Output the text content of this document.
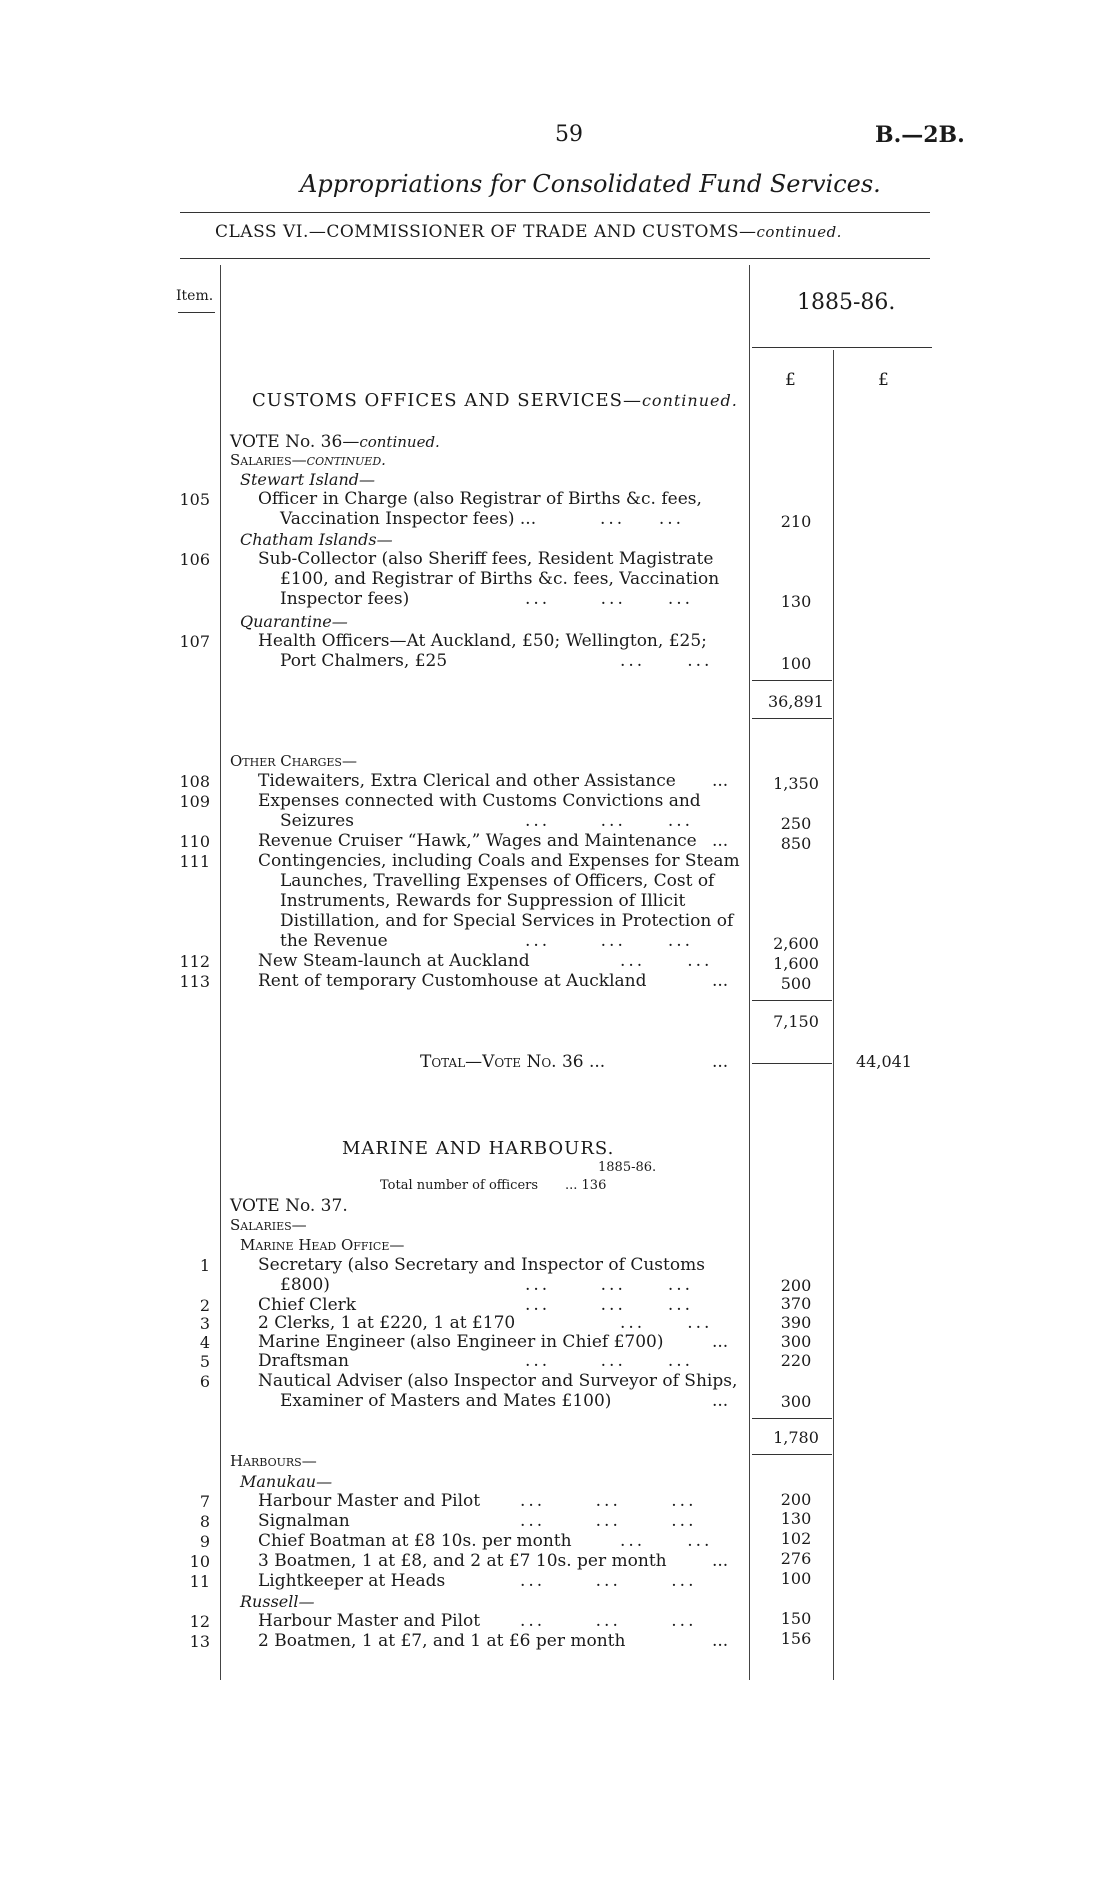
59	B.—2B.
Appropriations for Consolidated Fund Services.
CLASS VI.—COMMISSIONER OF TRADE AND CUSTOMS—continued.
Item.	1885-86.
£	£
CUSTOMS OFFICES AND SERVICES—continued.
VOTE No. 36—continued.
Salaries—continued.
Stewart Island—
105	Officer in Charge (also Registrar of Births &c. fees,
Vaccination Inspector fees) ...	...    ...	210
Chatham Islands—
106	Sub-Collector (also Sheriff fees, Resident Magistrate
£100, and Registrar of Births &c. fees, Vaccination
Inspector fees)	...      ...     ...	130
Quarantine—
107	Health Officers—At Auckland, £50; Wellington, £25;
Port Chalmers, £25	...     ...	100
36,891
Other Charges—
108	Tidewaiters, Extra Clerical and other Assistance ...	1,350
109	Expenses connected with Customs Convictions and
Seizures	...      ...     ...	250
110	Revenue Cruiser “Hawk,” Wages and Maintenance ...	850
111	Contingencies, including Coals and Expenses for Steam
Launches, Travelling Expenses of Officers, Cost of
Instruments, Rewards for Suppression of Illicit
Distillation, and for Special Services in Protection of
the Revenue	...      ...     ...	2,600
112	New Steam-launch at Auckland	...     ...	1,600
113	Rent of temporary Customhouse at Auckland	...	500
7,150
Total—Vote No. 36 ...	...	44,041
MARINE AND HARBOURS.
1885-86.
Total number of officers ... 136
VOTE No. 37.
Salaries—
Marine Head Office—
1	Secretary (also Secretary and Inspector of Customs
£800)	...      ...     ...	200
2	Chief Clerk	...      ...     ...	370
3	2 Clerks, 1 at £220, 1 at £170	...     ...	390
4	Marine Engineer (also Engineer in Chief £700)	...	300
5	Draftsman	...      ...     ...	220
6	Nautical Adviser (also Inspector and Surveyor of Ships,
Examiner of Masters and Mates £100)	...	300
1,780
Harbours—
Manukau—
7	Harbour Master and Pilot ...      ...      ...	200
8	Signalman	...      ...      ...	130
9	Chief Boatman at £8 10s. per month	...     ...	102
10	3 Boatmen, 1 at £8, and 2 at £7 10s. per month	...	276
11	Lightkeeper at Heads	...      ...      ...	100
Russell—
12	Harbour Master and Pilot ...      ...      ...	150
13	2 Boatmen, 1 at £7, and 1 at £6 per month	...	156
